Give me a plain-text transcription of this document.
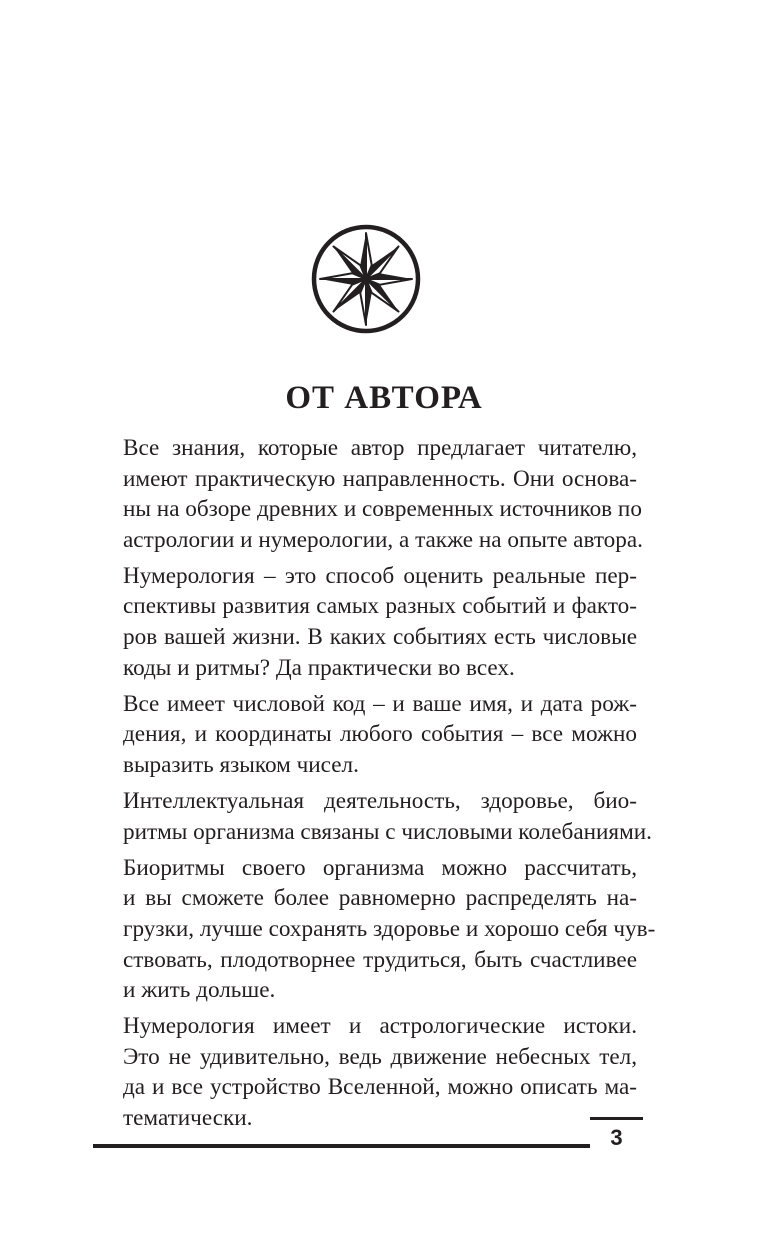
ОТ АВТОРА

Все знания, которые автор предлагает читателю,
имеют практическую направленность. Они основа-
ны на обзоре древних и современных источников по
астрологии и нумерологии, а также на опыте автора.

Нумерология – это способ оценить реальные пер-
спективы развития самых разных событий и факто-
ров вашей жизни. В каких событиях есть числовые
коды и ритмы? Да практически во всех.

Все имеет числовой код – и ваше имя, и дата рож-
дения, и координаты любого события – все можно
выразить языком чисел.

Интеллектуальная деятельность, здоровье, био-
ритмы организма связаны с числовыми колебаниями.

Биоритмы своего организма можно рассчитать,
и вы сможете более равномерно распределять на-
грузки, лучше сохранять здоровье и хорошо себя чув-
ствовать, плодотворнее трудиться, быть счастливее
и жить дольше.

Нумерология имеет и астрологические истоки.
Это не удивительно, ведь движение небесных тел,
да и все устройство Вселенной, можно описать ма-
тематически.

3
